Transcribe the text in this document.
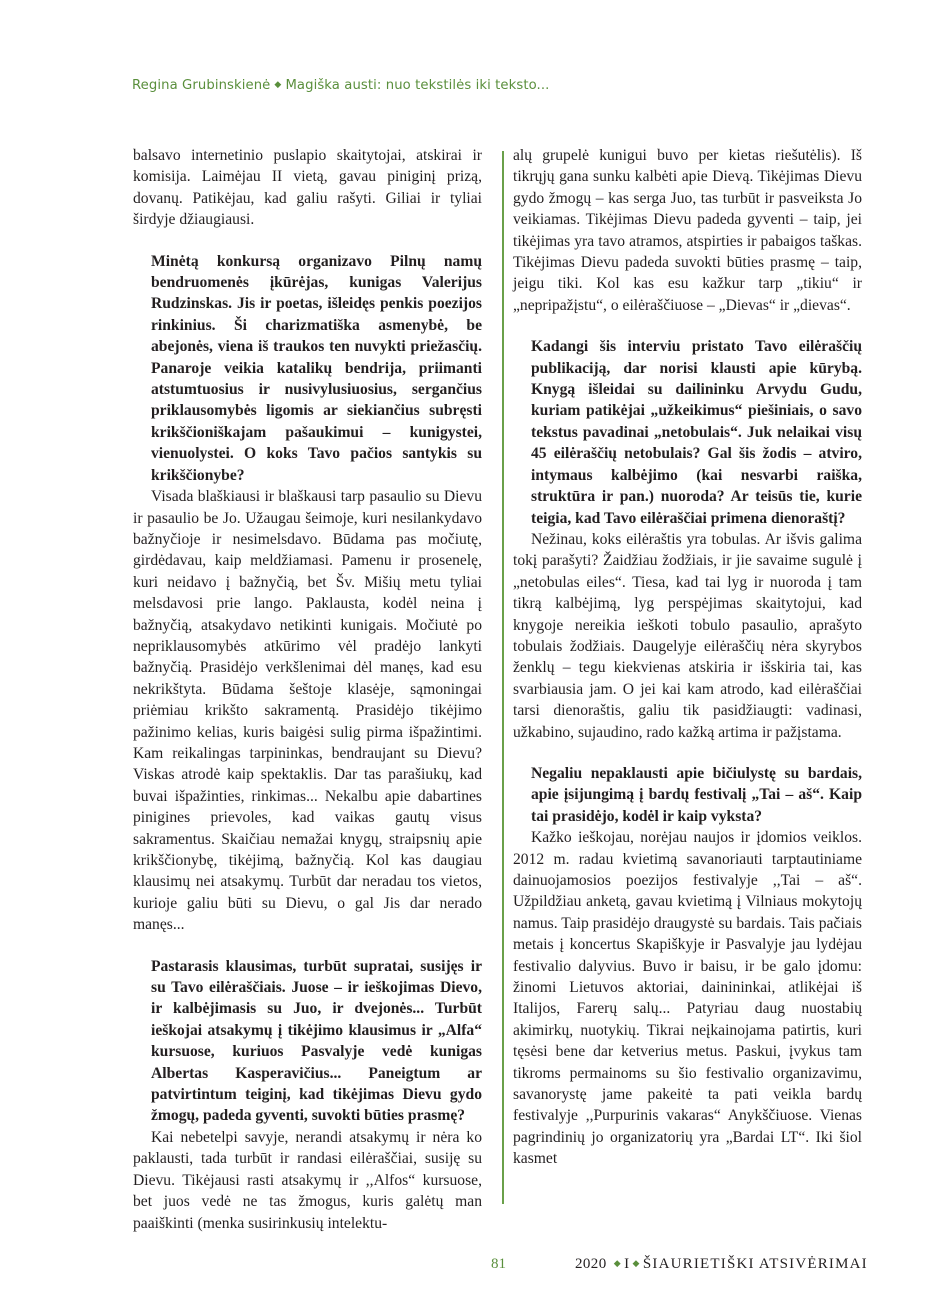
Regina Grubinskienė ◆ Magiška austi: nuo tekstilės iki teksto...

balsavo internetinio puslapio skaitytojai, atskirai ir komisija. Laimėjau II vietą, gavau piniginį prizą, dovanų. Patikėjau, kad galiu rašyti. Giliai ir tyliai širdyje džiaugiausi.

Minėtą konkursą organizavo Pilnų namų bendruomenės įkūrėjas, kunigas Valerijus Rudzinskas. Jis ir poetas, išleidęs penkis poezijos rinkinius. Ši charizmatiška asmenybė, be abejonės, viena iš traukos ten nuvykti priežasčių. Panaroje veikia katalikų bendrija, priimanti atstumtuosius ir nusivylusiuosius, sergančius priklausomybės ligomis ar siekiančius subręsti krikščioniškajam pašaukimui – kunigystei, vienuolystei. O koks Tavo pačios santykis su krikščionybe?

Visada blaškiausi ir blaškausi tarp pasaulio su Dievu ir pasaulio be Jo. Užaugau šeimoje, kuri nesilankydavo bažnyčioje ir nesimelsdavo. Būdama pas močiutę, girdėdavau, kaip meldžiamasi. Pamenu ir prosenelę, kuri neidavo į bažnyčią, bet Šv. Mišių metu tyliai melsdavosi prie lango. Paklausta, kodėl neina į bažnyčią, atsakydavo netikinti kunigais. Močiutė po nepriklausomybės atkūrimo vėl pradėjo lankyti bažnyčią. Prasidėjo verkšlenimai dėl manęs, kad esu nekrikštyta. Būdama šeštoje klasėje, sąmoningai priėmiau krikšto sakramentą. Prasidėjo tikėjimo pažinimo kelias, kuris baigėsi sulig pirma išpažintimi. Kam reikalingas tarpininkas, bendraujant su Dievu? Viskas atrodė kaip spektaklis. Dar tas parašiukų, kad buvai išpažinties, rinkimas... Nekalbu apie dabartines pinigines prievoles, kad vaikas gautų visus sakramentus. Skaičiau nemažai knygų, straipsnių apie krikščionybę, tikėjimą, bažnyčią. Kol kas daugiau klausimų nei atsakymų. Turbūt dar neradau tos vietos, kurioje galiu būti su Dievu, o gal Jis dar nerado manęs...

Pastarasis klausimas, turbūt supratai, susijęs ir su Tavo eilėraščiais. Juose – ir ieškojimas Dievo, ir kalbėjimasis su Juo, ir dvejonės... Turbūt ieškojai atsakymų į tikėjimo klausimus ir „Alfa“ kursuose, kuriuos Pasvalyje vedė kunigas Albertas Kasperavičius... Paneigtum ar patvirtintum teiginį, kad tikėjimas Dievu gydo žmogų, padeda gyventi, suvokti būties prasmę?

Kai nebetelpi savyje, nerandi atsakymų ir nėra ko paklausti, tada turbūt ir randasi eilėraščiai, susiję su Dievu. Tikėjausi rasti atsakymų ir ,,Alfos“ kursuose, bet juos vedė ne tas žmogus, kuris galėtų man paaiškinti (menka susirinkusių intelektu-

alų grupelė kunigui buvo per kietas riešutėlis). Iš tikrųjų gana sunku kalbėti apie Dievą. Tikėjimas Dievu gydo žmogų – kas serga Juo, tas turbūt ir pasveiksta Jo veikiamas. Tikėjimas Dievu padeda gyventi – taip, jei tikėjimas yra tavo atramos, atspirties ir pabaigos taškas. Tikėjimas Dievu padeda suvokti būties prasmę – taip, jeigu tiki. Kol kas esu kažkur tarp „tikiu“ ir „nepripažįstu“, o eilėraščiuose – „Dievas“ ir „dievas“.

Kadangi šis interviu pristato Tavo eilėraščių publikaciją, dar norisi klausti apie kūrybą. Knygą išleidai su dailininku Arvydu Gudu, kuriam patikėjai „užkeikimus“ piešiniais, o savo tekstus pavadinai „netobulais“. Juk nelaikai visų 45 eilėraščių netobulais? Gal šis žodis – atviro, intymaus kalbėjimo (kai nesvarbi raiška, struktūra ir pan.) nuoroda? Ar teisūs tie, kurie teigia, kad Tavo eilėraščiai primena dienoraštį?

Nežinau, koks eilėraštis yra tobulas. Ar išvis galima tokį parašyti? Žaidžiau žodžiais, ir jie savaime sugulė į „netobulas eiles“. Tiesa, kad tai lyg ir nuoroda į tam tikrą kalbėjimą, lyg perspėjimas skaitytojui, kad knygoje nereikia ieškoti tobulo pasaulio, aprašyto tobulais žodžiais. Daugelyje eilėraščių nėra skyrybos ženklų – tegu kiekvienas atskiria ir išskiria tai, kas svarbiausia jam. O jei kai kam atrodo, kad eilėraščiai tarsi dienoraštis, galiu tik pasidžiaugti: vadinasi, užkabino, sujaudino, rado kažką artima ir pažįstama.

Negaliu nepaklausti apie bičiulystę su bardais, apie įsijungimą į bardų festivalį „Tai – aš“. Kaip tai prasidėjo, kodėl ir kaip vyksta?

Kažko ieškojau, norėjau naujos ir įdomios veiklos. 2012 m. radau kvietimą savanoriauti tarptautiniame dainuojamosios poezijos festivalyje ,,Tai – aš“. Užpildžiau anketą, gavau kvietimą į Vilniaus mokytojų namus. Taip prasidėjo draugystė su bardais. Tais pačiais metais į koncertus Skapiškyje ir Pasvalyje jau lydėjau festivalio dalyvius. Buvo ir baisu, ir be galo įdomu: žinomi Lietuvos aktoriai, dainininkai, atlikėjai iš Italijos, Farerų salų... Patyriau daug nuostabių akimirkų, nuotykių. Tikrai neįkainojama patirtis, kuri tęsėsi bene dar ketverius metus. Paskui, įvykus tam tikroms permainoms su šio festivalio organizavimu, savanorystę jame pakeitė ta pati veikla bardų festivalyje ,,Purpurinis vakaras“ Anykščiuose. Vienas pagrindinių jo organizatorių yra „Bardai LT“. Iki šiol kasmet

81	2020 ◆ I ◆ ŠIAURIETIŠKI ATSIVĖRIMAI
